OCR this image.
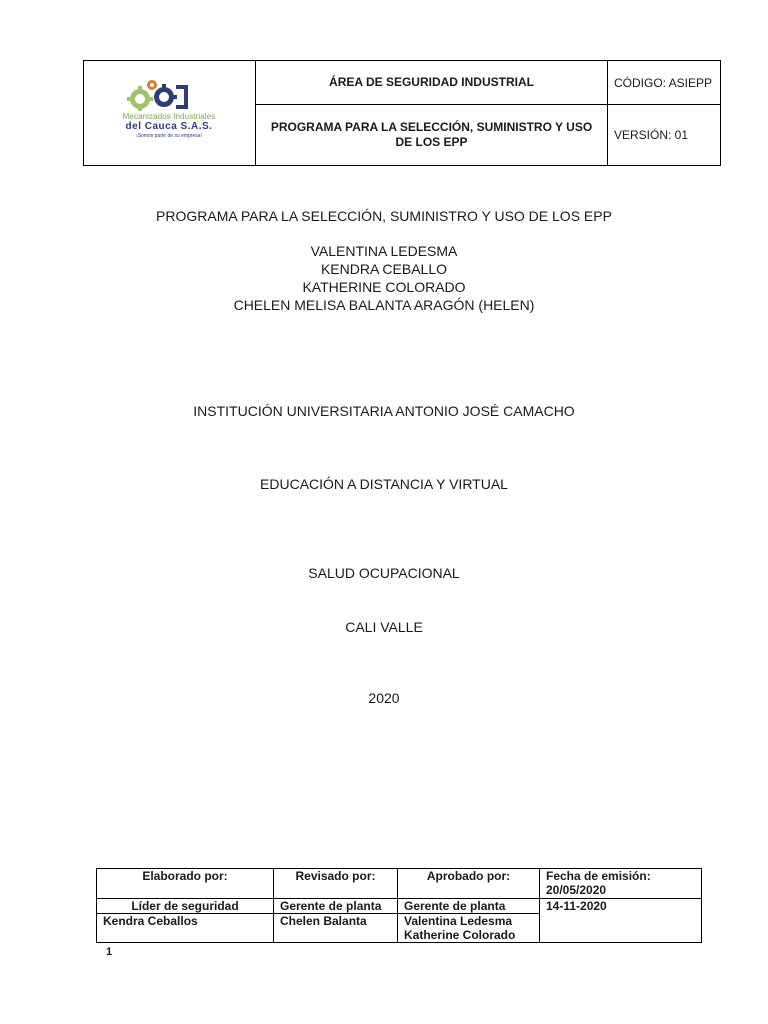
Mecanizados Industriales
del Cauca S.A.S.
¡Somos parte de su empresa!	ÁREA DE SEGURIDAD INDUSTRIAL	CÓDIGO: ASIEPP

	PROGRAMA PARA LA SELECCIÓN, SUMINISTRO Y USO DE LOS EPP	VERSIÓN: 01
PROGRAMA PARA LA SELECCIÓN, SUMINISTRO Y USO DE LOS EPP
VALENTINA LEDESMA
KENDRA CEBALLO
KATHERINE COLORADO
CHELEN MELISA BALANTA ARAGÓN (HELEN)
INSTITUCIÓN UNIVERSITARIA ANTONIO JOSÉ CAMACHO
EDUCACIÓN A DISTANCIA Y VIRTUAL
SALUD OCUPACIONAL
CALI VALLE
2020
Elaborado por:	Revisado por:	Aprobado por:	Fecha de emisión:
20/05/2020

Líder de seguridad	Gerente de planta	Gerente de planta	14-11-2020
Kendra Ceballos	Chelen Balanta	Valentina Ledesma
Katherine Colorado	

1
